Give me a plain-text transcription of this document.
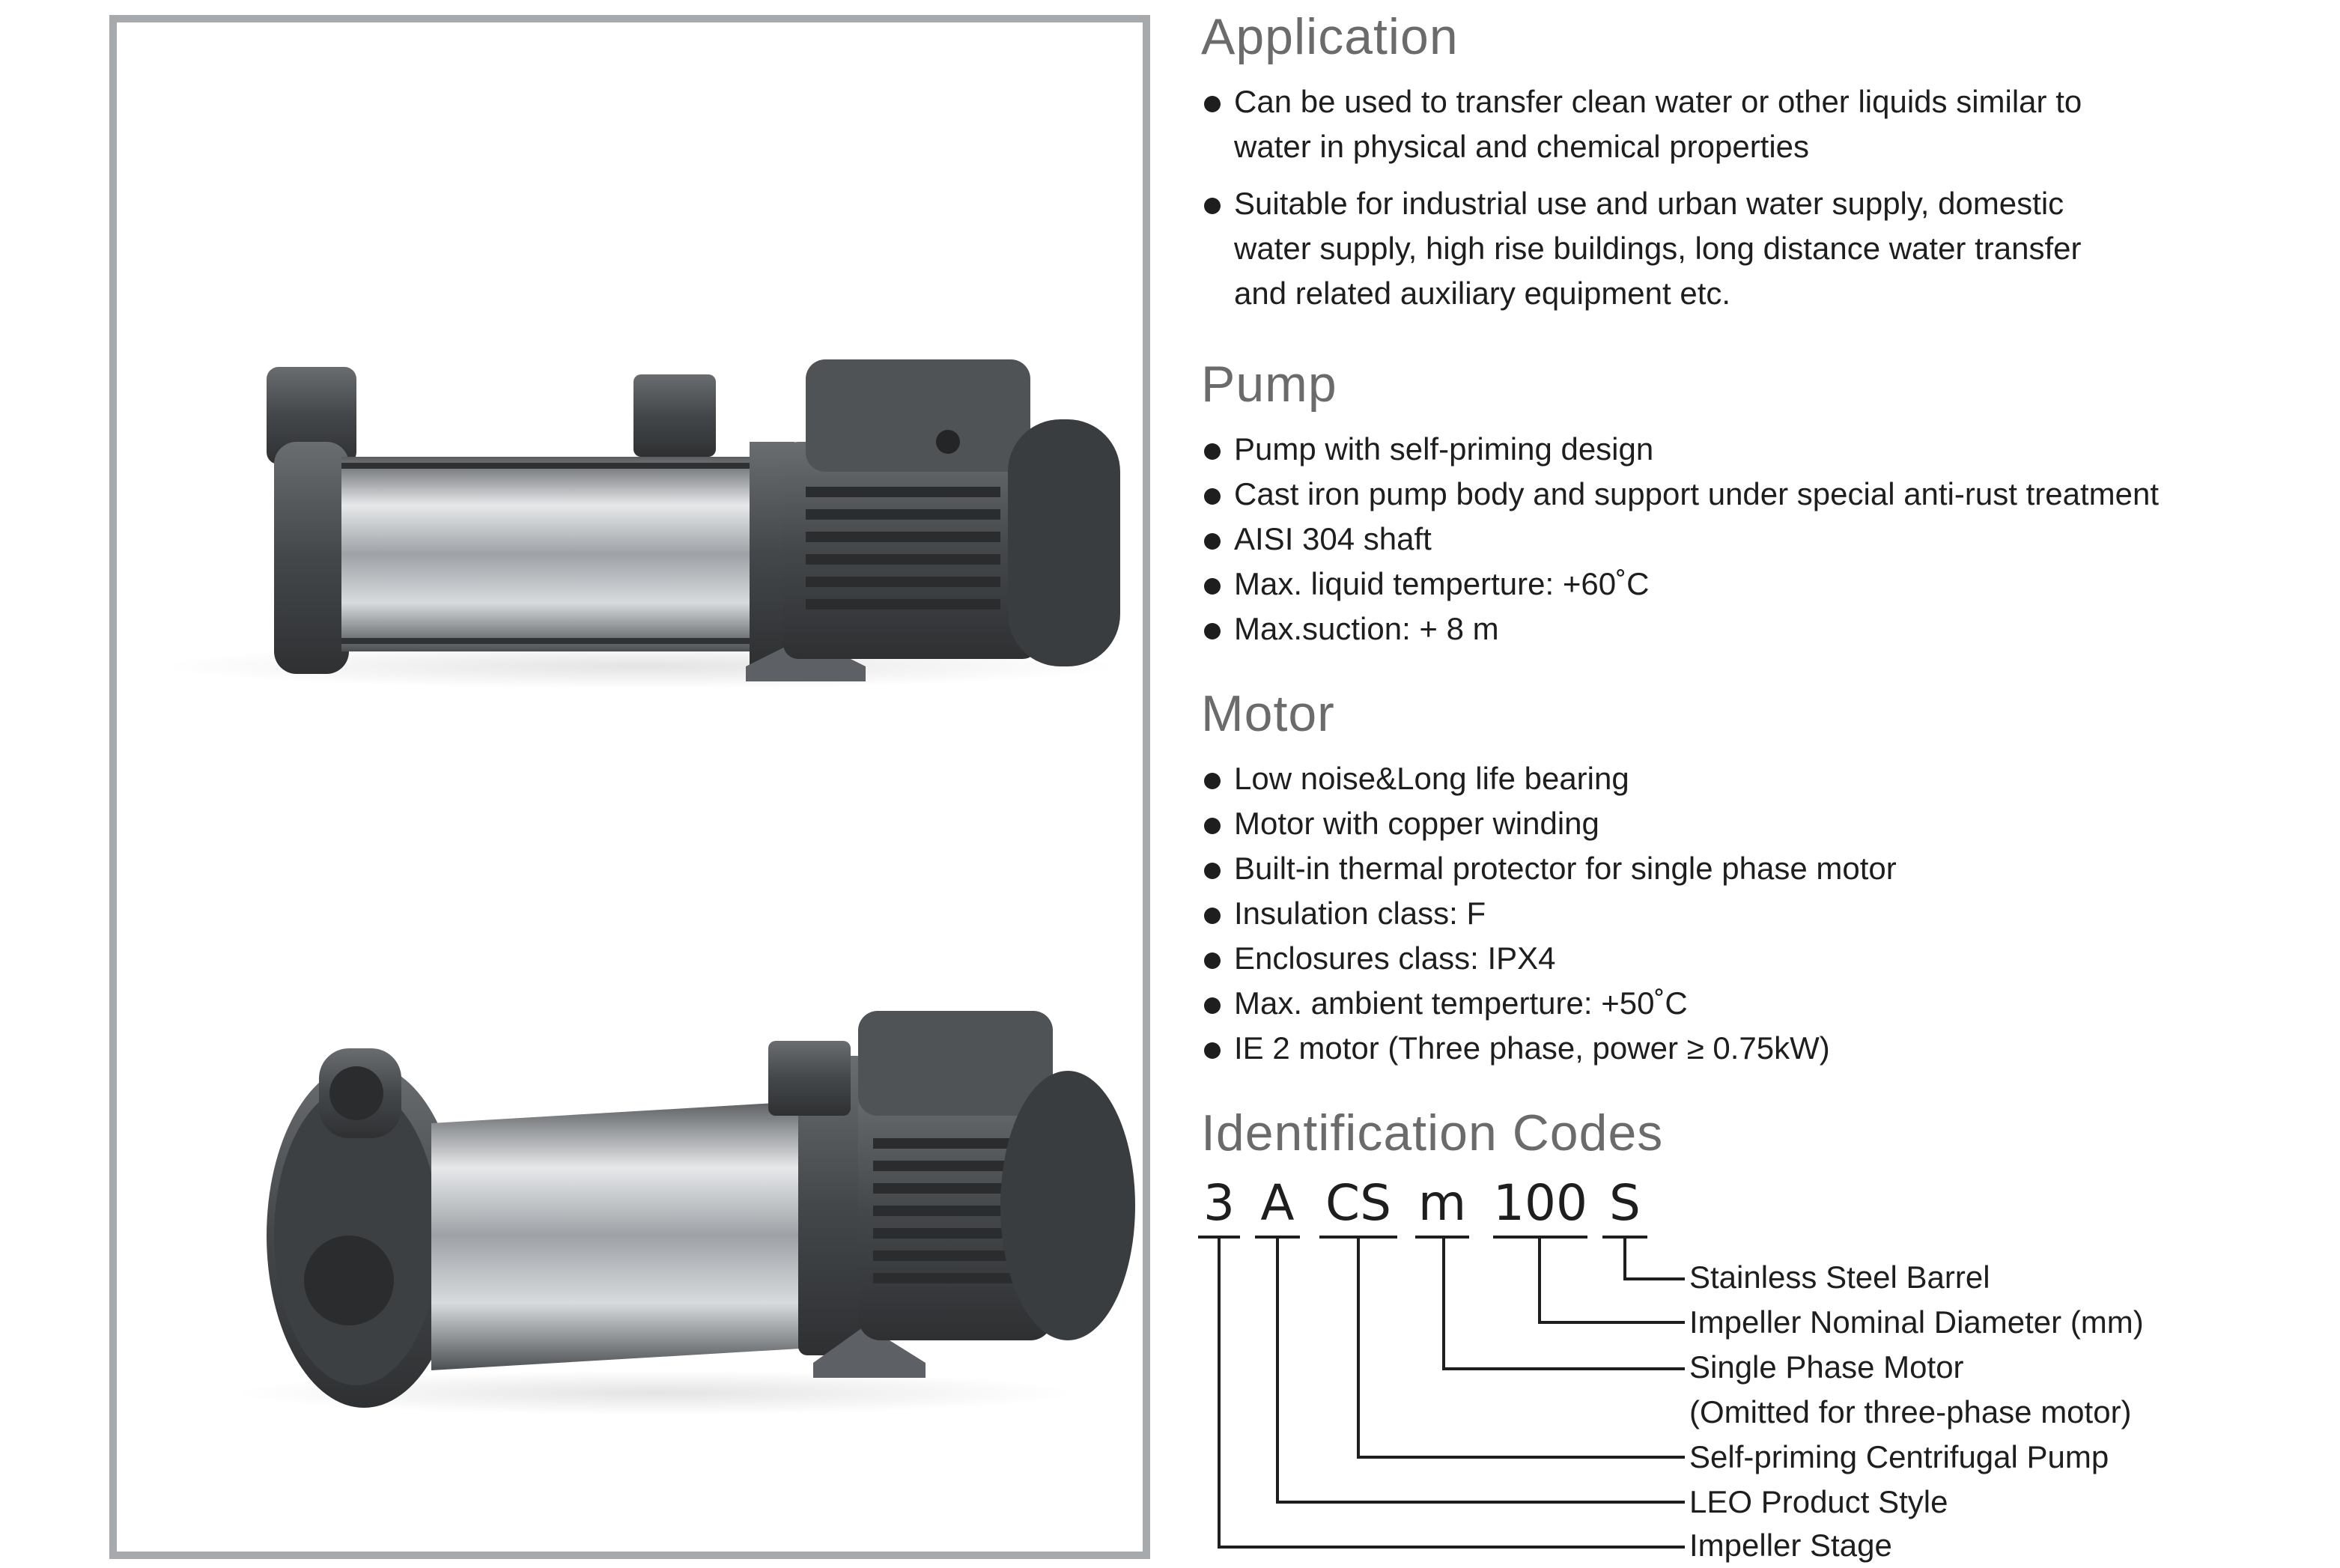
Application
Can be used to transfer clean water or other liquids similar to
water in physical and chemical properties
Suitable for industrial use and urban water supply, domestic
water supply, high rise buildings, long distance water transfer
and related auxiliary equipment etc.
Pump
Pump with self-priming design
Cast iron pump body and support under special anti-rust treatment
AISI 304 shaft
Max. liquid temperture: +60˚C
Max.suction: + 8 m
Motor
Low noise&Long life bearing
Motor with copper winding
Built-in thermal protector for single phase motor
Insulation class: F
Enclosures class: IPX4
Max. ambient temperture: +50˚C
IE 2 motor (Three phase, power ≥ 0.75kW)
Identification Codes
3 A CS m 100 S
Stainless Steel Barrel
Impeller Nominal Diameter (mm)
Single Phase Motor
(Omitted for three-phase motor)
Self-priming Centrifugal Pump
LEO Product Style
Impeller Stage
